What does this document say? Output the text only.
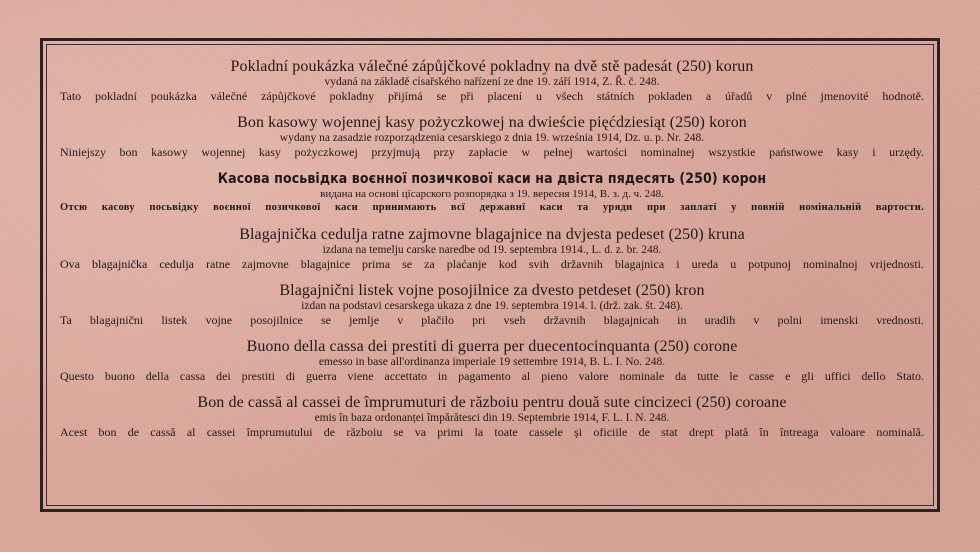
Pokladní poukázka válečné zápůjčkové pokladny na dvě stě padesát (250) korun
vydaná na základě císařského nařízení ze dne 19. září 1914, Z. Ř. č. 248.
Tato pokladní poukázka válečné zápůjčkové pokladny přijímá se při placení u všech státních pokladen a úřadů v plné jmenovité hodnotě.
Bon kasowy wojennej kasy pożyczkowej na dwieście pięćdziesiąt (250) koron
wydany na zasadzie rozporządzenia cesarskiego z dnia 19. września 1914, Dz. u. p. Nr. 248.
Niniejszy bon kasowy wojennej kasy pożyczkowej przyjmują przy zapłacie w pełnej wartości nominalnej wszystkie państwowe kasy i urzędy.
Касова посьвідка воєнної позичкової каси на двіста пядесять (250) корон
видана на основі цїсарского розпорядка з 19. вересня 1914, В. з. д. ч. 248.
Отсю касову посьвідку воєнної позичкової каси принимають всї державнї каси та уряди при заплатї у повній номінальній вартости.
Blagajnička cedulja ratne zajmovne blagajnice na dvjesta pedeset (250) kruna
izdana na temelju carske naredbe od 19. septembra 1914., L. d. z. br. 248.
Ova blagajnička cedulja ratne zajmovne blagajnice prima se za plaćanje kod svih državnih blagajnica i ureda u potpunoj nominalnoj vrijednosti.
Blagajnični listek vojne posojilnice za dvesto petdeset (250) kron
izdan na podstavi cesarskega ukaza z dne 19. septembra 1914. l. (drž. zak. št. 248).
Ta blagajnični listek vojne posojilnice se jemlje v plačilo pri vseh državnih blagajnicah in uradih v polni imenski vrednosti.
Buono della cassa dei prestiti di guerra per duecentocinquanta (250) corone
emesso in base all'ordinanza imperiale 19 settembre 1914, B. L. I. No. 248.
Questo buono della cassa dei prestiti di guerra viene accettato in pagamento al pieno valore nominale da tutte le casse e gli uffici dello Stato.
Bon de cassă al cassei de împrumuturi de războiu pentru două sute cincizeci (250) coroane
emis în baza ordonanței împărătesci din 19. Septembrie 1914, F. L. I. N. 248.
Acest bon de cassă al cassei împrumutului de războiu se va primi la toate cassele și oficiile de stat drept plată în întreaga valoare nominală.
